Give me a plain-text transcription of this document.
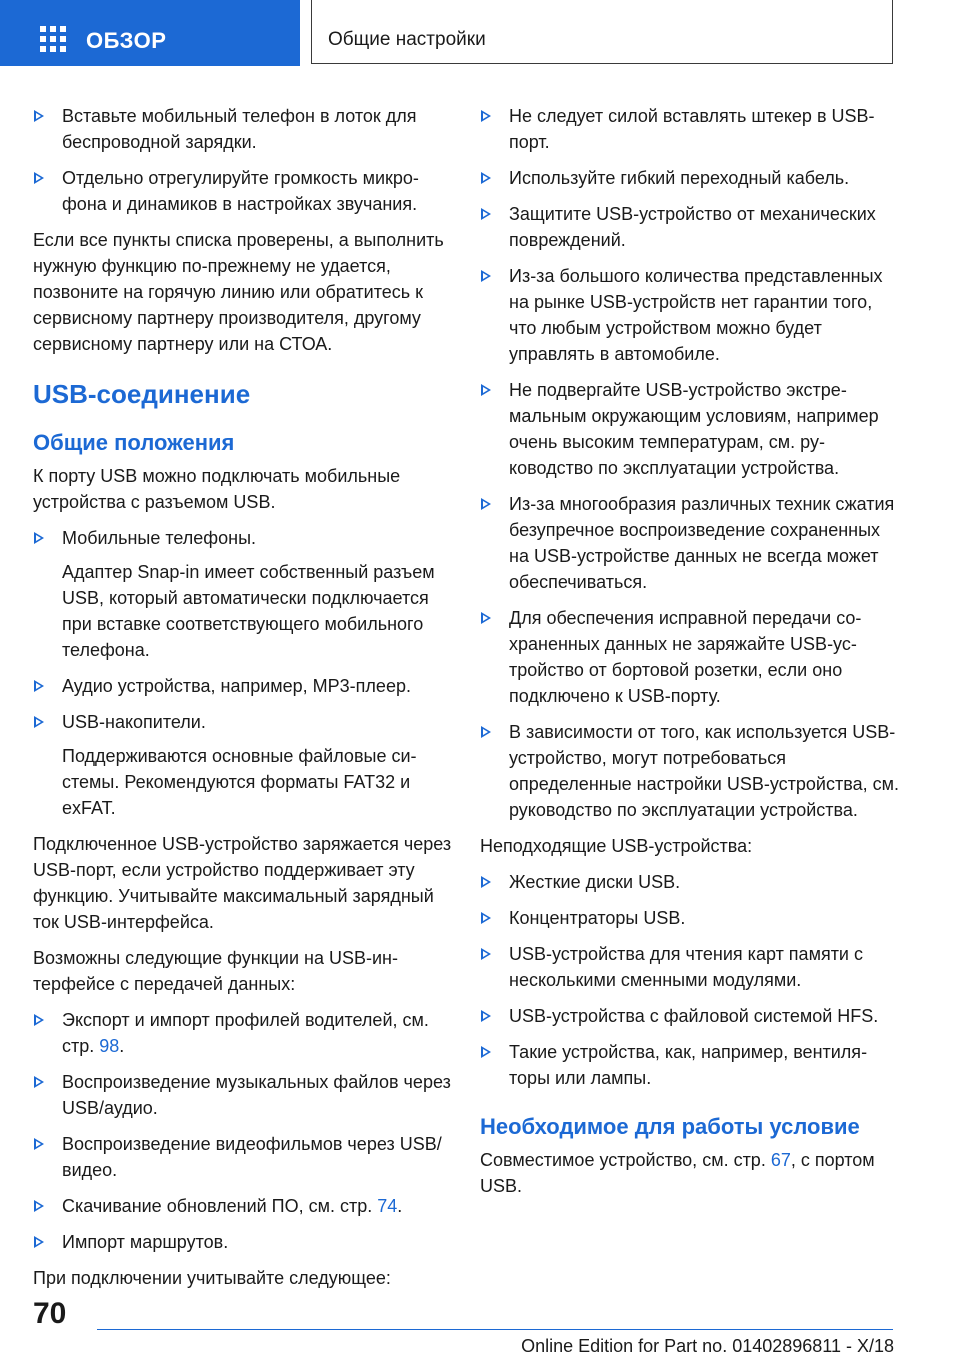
ОБЗОР	Общие настройки
Вставьте мобильный телефон в лоток для беспроводной зарядки.
Отдельно отрегулируйте громкость микрофона и динамиков в настройках звучания.
Если все пункты списка проверены, а выполнить нужную функцию по-прежнему не удается, позвоните на горячую линию или обратитесь к сервисному партнеру производителя, другому сервисному партнеру или на СТОА.
USB-соединение
Общие положения
К порту USB можно подключать мобильные устройства с разъемом USB.
Мобильные телефоны.
Адаптер Snap-in имеет собственный разъем USB, который автоматически подключается при вставке соответствующего мобильного телефона.
Аудио устройства, например, MP3-плеер.
USB-накопители.
Поддерживаются основные файловые системы. Рекомендуются форматы FAT32 и exFAT.
Подключенное USB-устройство заряжается через USB-порт, если устройство поддерживает эту функцию. Учитывайте максимальный зарядный ток USB-интерфейса.
Возможны следующие функции на USB-интерфейсе с передачей данных:
Экспорт и импорт профилей водителей, см. стр. 98.
Воспроизведение музыкальных файлов через USB/аудио.
Воспроизведение видеофильмов через USB/видео.
Скачивание обновлений ПО, см. стр. 74.
Импорт маршрутов.
При подключении учитывайте следующее:
Не следует силой вставлять штекер в USB-порт.
Используйте гибкий переходный кабель.
Защитите USB-устройство от механических повреждений.
Из-за большого количества представленных на рынке USB-устройств нет гарантии того, что любым устройством можно будет управлять в автомобиле.
Не подвергайте USB-устройство экстремальным окружающим условиям, например очень высоким температурам, см. руководство по эксплуатации устройства.
Из-за многообразия различных техник сжатия безупречное воспроизведение сохраненных на USB-устройстве данных не всегда может обеспечиваться.
Для обеспечения исправной передачи сохраненных данных не заряжайте USB-устройство от бортовой розетки, если оно подключено к USB-порту.
В зависимости от того, как используется USB-устройство, могут потребоваться определенные настройки USB-устройства, см. руководство по эксплуатации устройства.
Неподходящие USB-устройства:
Жесткие диски USB.
Концентраторы USB.
USB-устройства для чтения карт памяти с несколькими сменными модулями.
USB-устройства с файловой системой HFS.
Такие устройства, как, например, вентиляторы или лампы.
Необходимое для работы условие
Совместимое устройство, см. стр. 67, с портом USB.
70
Online Edition for Part no. 01402896811 - X/18
